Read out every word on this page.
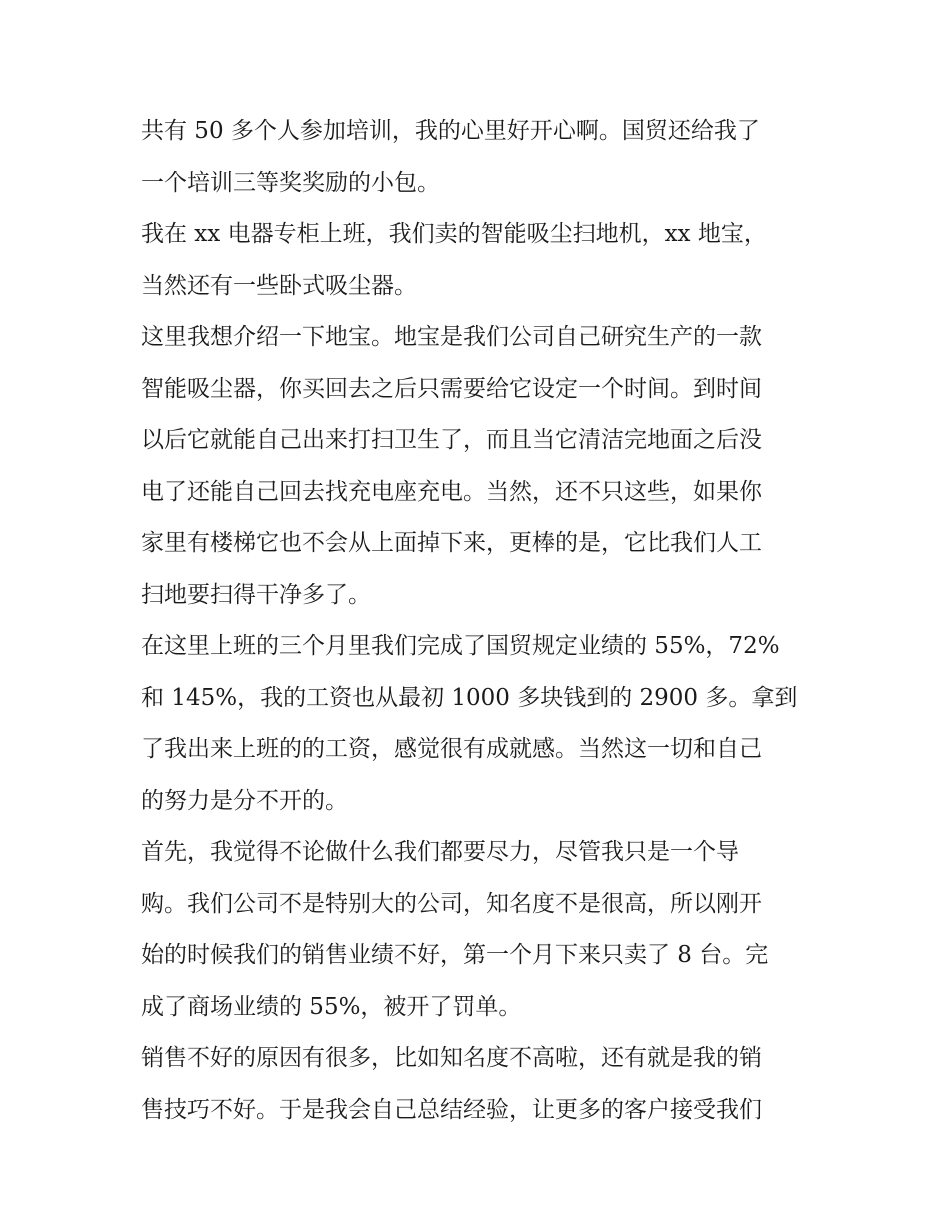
共有 50 多个人参加培训，我的心里好开心啊。国贸还给我了
一个培训三等奖奖励的小包。
我在 xx 电器专柜上班，我们卖的智能吸尘扫地机，xx 地宝，
当然还有一些卧式吸尘器。
这里我想介绍一下地宝。地宝是我们公司自己研究生产的一款
智能吸尘器，你买回去之后只需要给它设定一个时间。到时间
以后它就能自己出来打扫卫生了，而且当它清洁完地面之后没
电了还能自己回去找充电座充电。当然，还不只这些，如果你
家里有楼梯它也不会从上面掉下来，更棒的是，它比我们人工
扫地要扫得干净多了。
在这里上班的三个月里我们完成了国贸规定业绩的 55%，72%
和 145%，我的工资也从最初 1000 多块钱到的 2900 多。拿到
了我出来上班的的工资，感觉很有成就感。当然这一切和自己
的努力是分不开的。
首先，我觉得不论做什么我们都要尽力，尽管我只是一个导
购。我们公司不是特别大的公司，知名度不是很高，所以刚开
始的时候我们的销售业绩不好，第一个月下来只卖了 8 台。完
成了商场业绩的 55%，被开了罚单。
销售不好的原因有很多，比如知名度不高啦，还有就是我的销
售技巧不好。于是我会自己总结经验，让更多的客户接受我们
